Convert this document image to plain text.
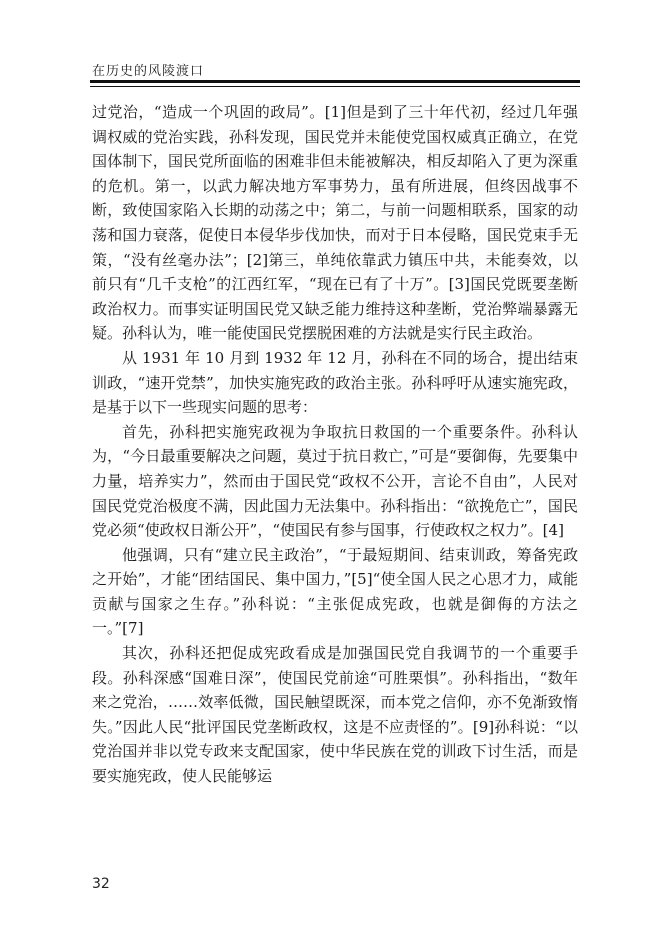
在历史的风陵渡口

过党治，“造成一个巩固的政局”。[1]但是到了三十年代初，经过几年强调权威的党治实践，孙科发现，国民党并未能使党国权威真正确立，在党国体制下，国民党所面临的困难非但未能被解决，相反却陷入了更为深重的危机。第一，以武力解决地方军事势力，虽有所进展，但终因战事不断，致使国家陷入长期的动荡之中；第二，与前一问题相联系，国家的动荡和国力衰落，促使日本侵华步伐加快，而对于日本侵略，国民党束手无策，“没有丝毫办法”；[2]第三，单纯依靠武力镇压中共，未能奏效，以前只有“几千支枪”的江西红军，“现在已有了十万”。[3]国民党既要垄断政治权力。而事实证明国民党又缺乏能力维持这种垄断，党治弊端暴露无疑。孙科认为，唯一能使国民党摆脱困难的方法就是实行民主政治。

从 1931 年 10 月到 1932 年 12 月，孙科在不同的场合，提出结束训政，“速开党禁”，加快实施宪政的政治主张。孙科呼吁从速实施宪政，是基于以下一些现实问题的思考：

首先，孙科把实施宪政视为争取抗日救国的一个重要条件。孙科认为，“今日最重要解决之问题，莫过于抗日救亡，”可是“要御侮，先要集中力量，培养实力”，然而由于国民党“政权不公开，言论不自由”，人民对国民党党治极度不满，因此国力无法集中。孙科指出：“欲挽危亡”，国民党必须“使政权日渐公开”，“使国民有参与国事，行使政权之权力”。[4]

他强调，只有“建立民主政治”，“于最短期间、结束训政，筹备宪政之开始”，才能“团结国民、集中国力，”[5]“使全国人民之心思才力，咸能贡献与国家之生存。”孙科说：“主张促成宪政，也就是御侮的方法之一。”[7]

其次，孙科还把促成宪政看成是加强国民党自我调节的一个重要手段。孙科深感“国难日深”，使国民党前途“可胜栗惧”。孙科指出，“数年来之党治，……效率低微，国民触望既深，而本党之信仰，亦不免渐致惰失。”因此人民“批评国民党垄断政权，这是不应责怪的”。[9]孙科说：“以党治国并非以党专政来支配国家，使中华民族在党的训政下讨生活，而是要实施宪政，使人民能够运

32
